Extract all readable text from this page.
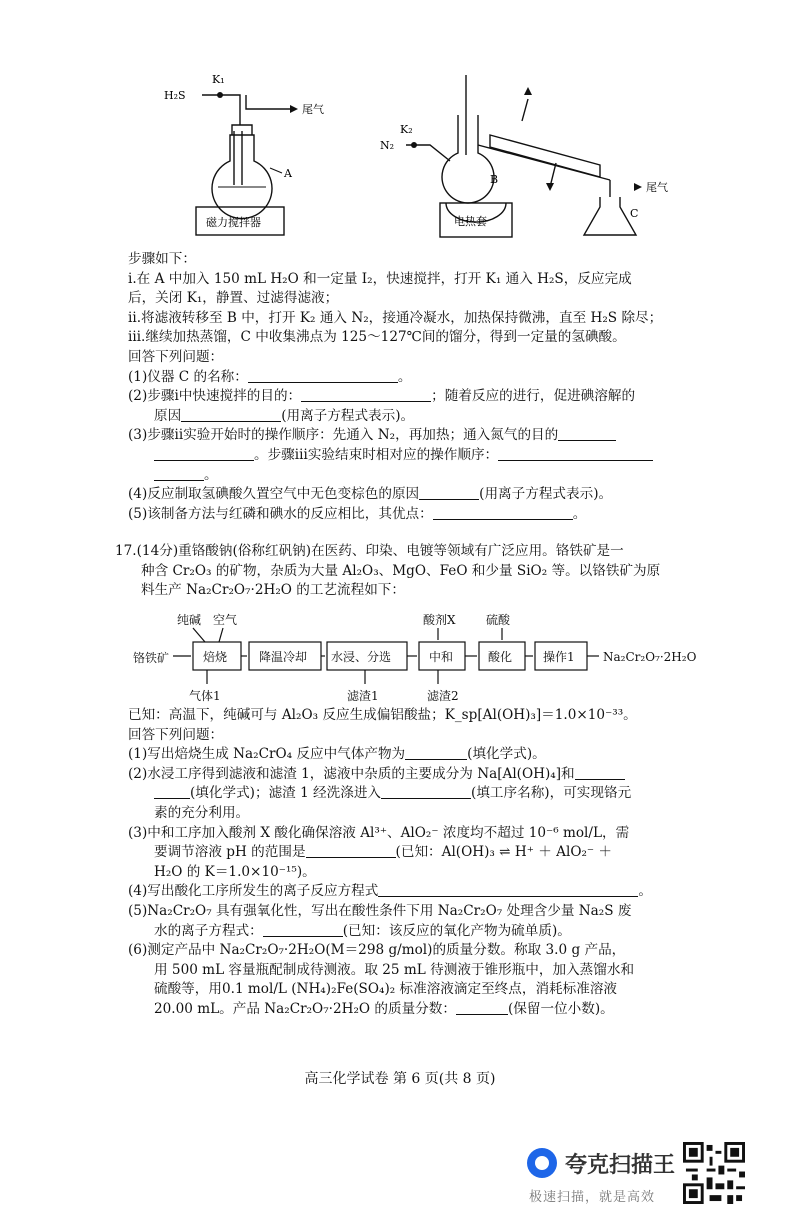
H₂S
K₁
尾气
A
磁力搅拌器
N₂
K₂
B
电热套
尾气
C
步骤如下：
ⅰ.在 A 中加入 150 mL H₂O 和一定量 I₂，快速搅拌，打开 K₁ 通入 H₂S，反应完成
后，关闭 K₁，静置、过滤得滤液；
ⅱ.将滤液转移至 B 中，打开 K₂ 通入 N₂，接通冷凝水，加热保持微沸，直至 H₂S 除尽；
ⅲ.继续加热蒸馏，C 中收集沸点为 125～127℃间的馏分，得到一定量的氢碘酸。
回答下列问题：
(1)仪器 C 的名称：	。
(2)步骤ⅰ中快速搅拌的目的：	；随着反应的进行，促进碘溶解的
原因	(用离子方程式表示)。
(3)步骤ⅱ实验开始时的操作顺序：先通入 N₂，再加热；通入氮气的目的
。步骤ⅲ实验结束时相对应的操作顺序：
。
(4)反应制取氢碘酸久置空气中无色变棕色的原因	(用离子方程式表示)。
(5)该制备方法与红磷和碘水的反应相比，其优点：	。
17.(14分)重铬酸钠(俗称红矾钠)在医药、印染、电镀等领域有广泛应用。铬铁矿是一
种含 Cr₂O₃ 的矿物，杂质为大量 Al₂O₃、MgO、FeO 和少量 SiO₂ 等。以铬铁矿为原
料生产 Na₂Cr₂O₇·2H₂O 的工艺流程如下：
纯碱 空气	酸剂X	硫酸
铬铁矿	焙烧	降温冷却 水浸、分选	中和	酸化	操作1 Na₂Cr₂O₇·2H₂O
气体1	滤渣1	滤渣2
已知：高温下，纯碱可与 Al₂O₃ 反应生成偏铝酸盐；K_sp[Al(OH)₃]＝1.0×10⁻³³。
回答下列问题：
(1)写出焙烧生成 Na₂CrO₄ 反应中气体产物为	(填化学式)。
(2)水浸工序得到滤液和滤渣 1，滤液中杂质的主要成分为 Na[Al(OH)₄]和
(填化学式)；滤渣 1 经洗涤进入	(填工序名称)，可实现铬元
素的充分利用。
(3)中和工序加入酸剂 X 酸化确保溶液 Al³⁺、AlO₂⁻ 浓度均不超过 10⁻⁶ mol/L，需
要调节溶液 pH 的范围是	(已知：Al(OH)₃ ⇌ H⁺ ＋ AlO₂⁻ ＋
H₂O 的 K＝1.0×10⁻¹⁵)。
(4)写出酸化工序所发生的离子反应方程式	。
(5)Na₂Cr₂O₇ 具有强氧化性，写出在酸性条件下用 Na₂Cr₂O₇ 处理含少量 Na₂S 废
水的离子方程式：	(已知：该反应的氧化产物为硫单质)。
(6)测定产品中 Na₂Cr₂O₇·2H₂O(M＝298 g/mol)的质量分数。称取 3.0 g 产品，
用 500 mL 容量瓶配制成待测液。取 25 mL 待测液于锥形瓶中，加入蒸馏水和
硫酸等，用0.1 mol/L (NH₄)₂Fe(SO₄)₂ 标准溶液滴定至终点，消耗标准溶液
20.00 mL。产品 Na₂Cr₂O₇·2H₂O 的质量分数：	(保留一位小数)。
高三化学试卷 第 6 页(共 8 页)
夸克扫描王
极速扫描，就是高效
